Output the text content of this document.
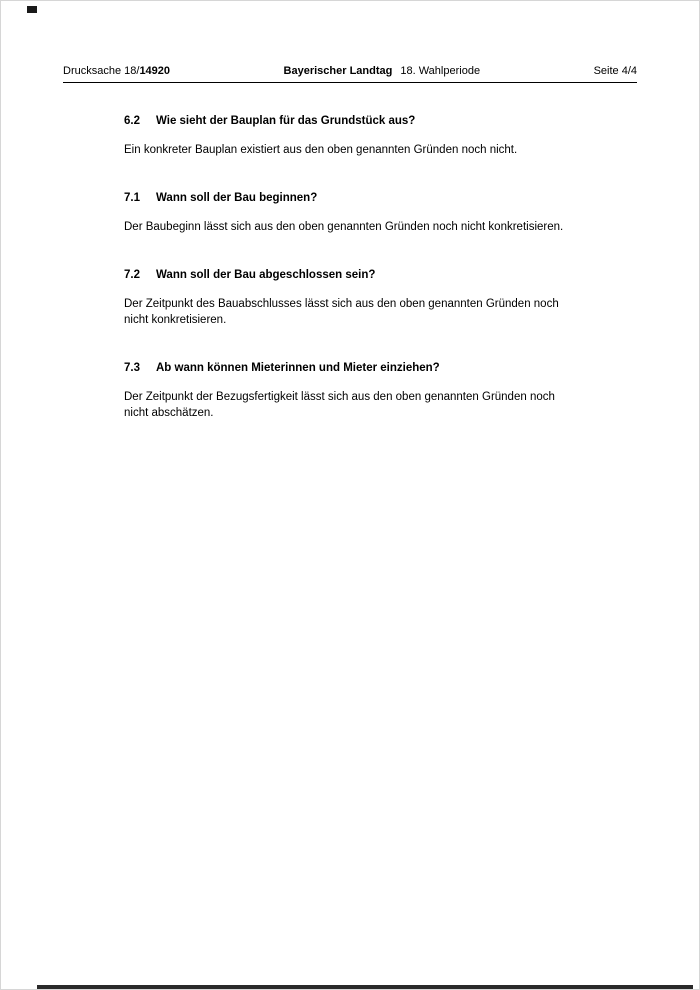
Drucksache 18/14920	Bayerischer Landtag 18. Wahlperiode	Seite 4/4
6.2	Wie sieht der Bauplan für das Grundstück aus?

Ein konkreter Bauplan existiert aus den oben genannten Gründen noch nicht.

7.1	Wann soll der Bau beginnen?

Der Baubeginn lässt sich aus den oben genannten Gründen noch nicht konkretisieren.

7.2	Wann soll der Bau abgeschlossen sein?

Der Zeitpunkt des Bauabschlusses lässt sich aus den oben genannten Gründen noch nicht konkretisieren.

7.3	Ab wann können Mieterinnen und Mieter einziehen?

Der Zeitpunkt der Bezugsfertigkeit lässt sich aus den oben genannten Gründen noch nicht abschätzen.
